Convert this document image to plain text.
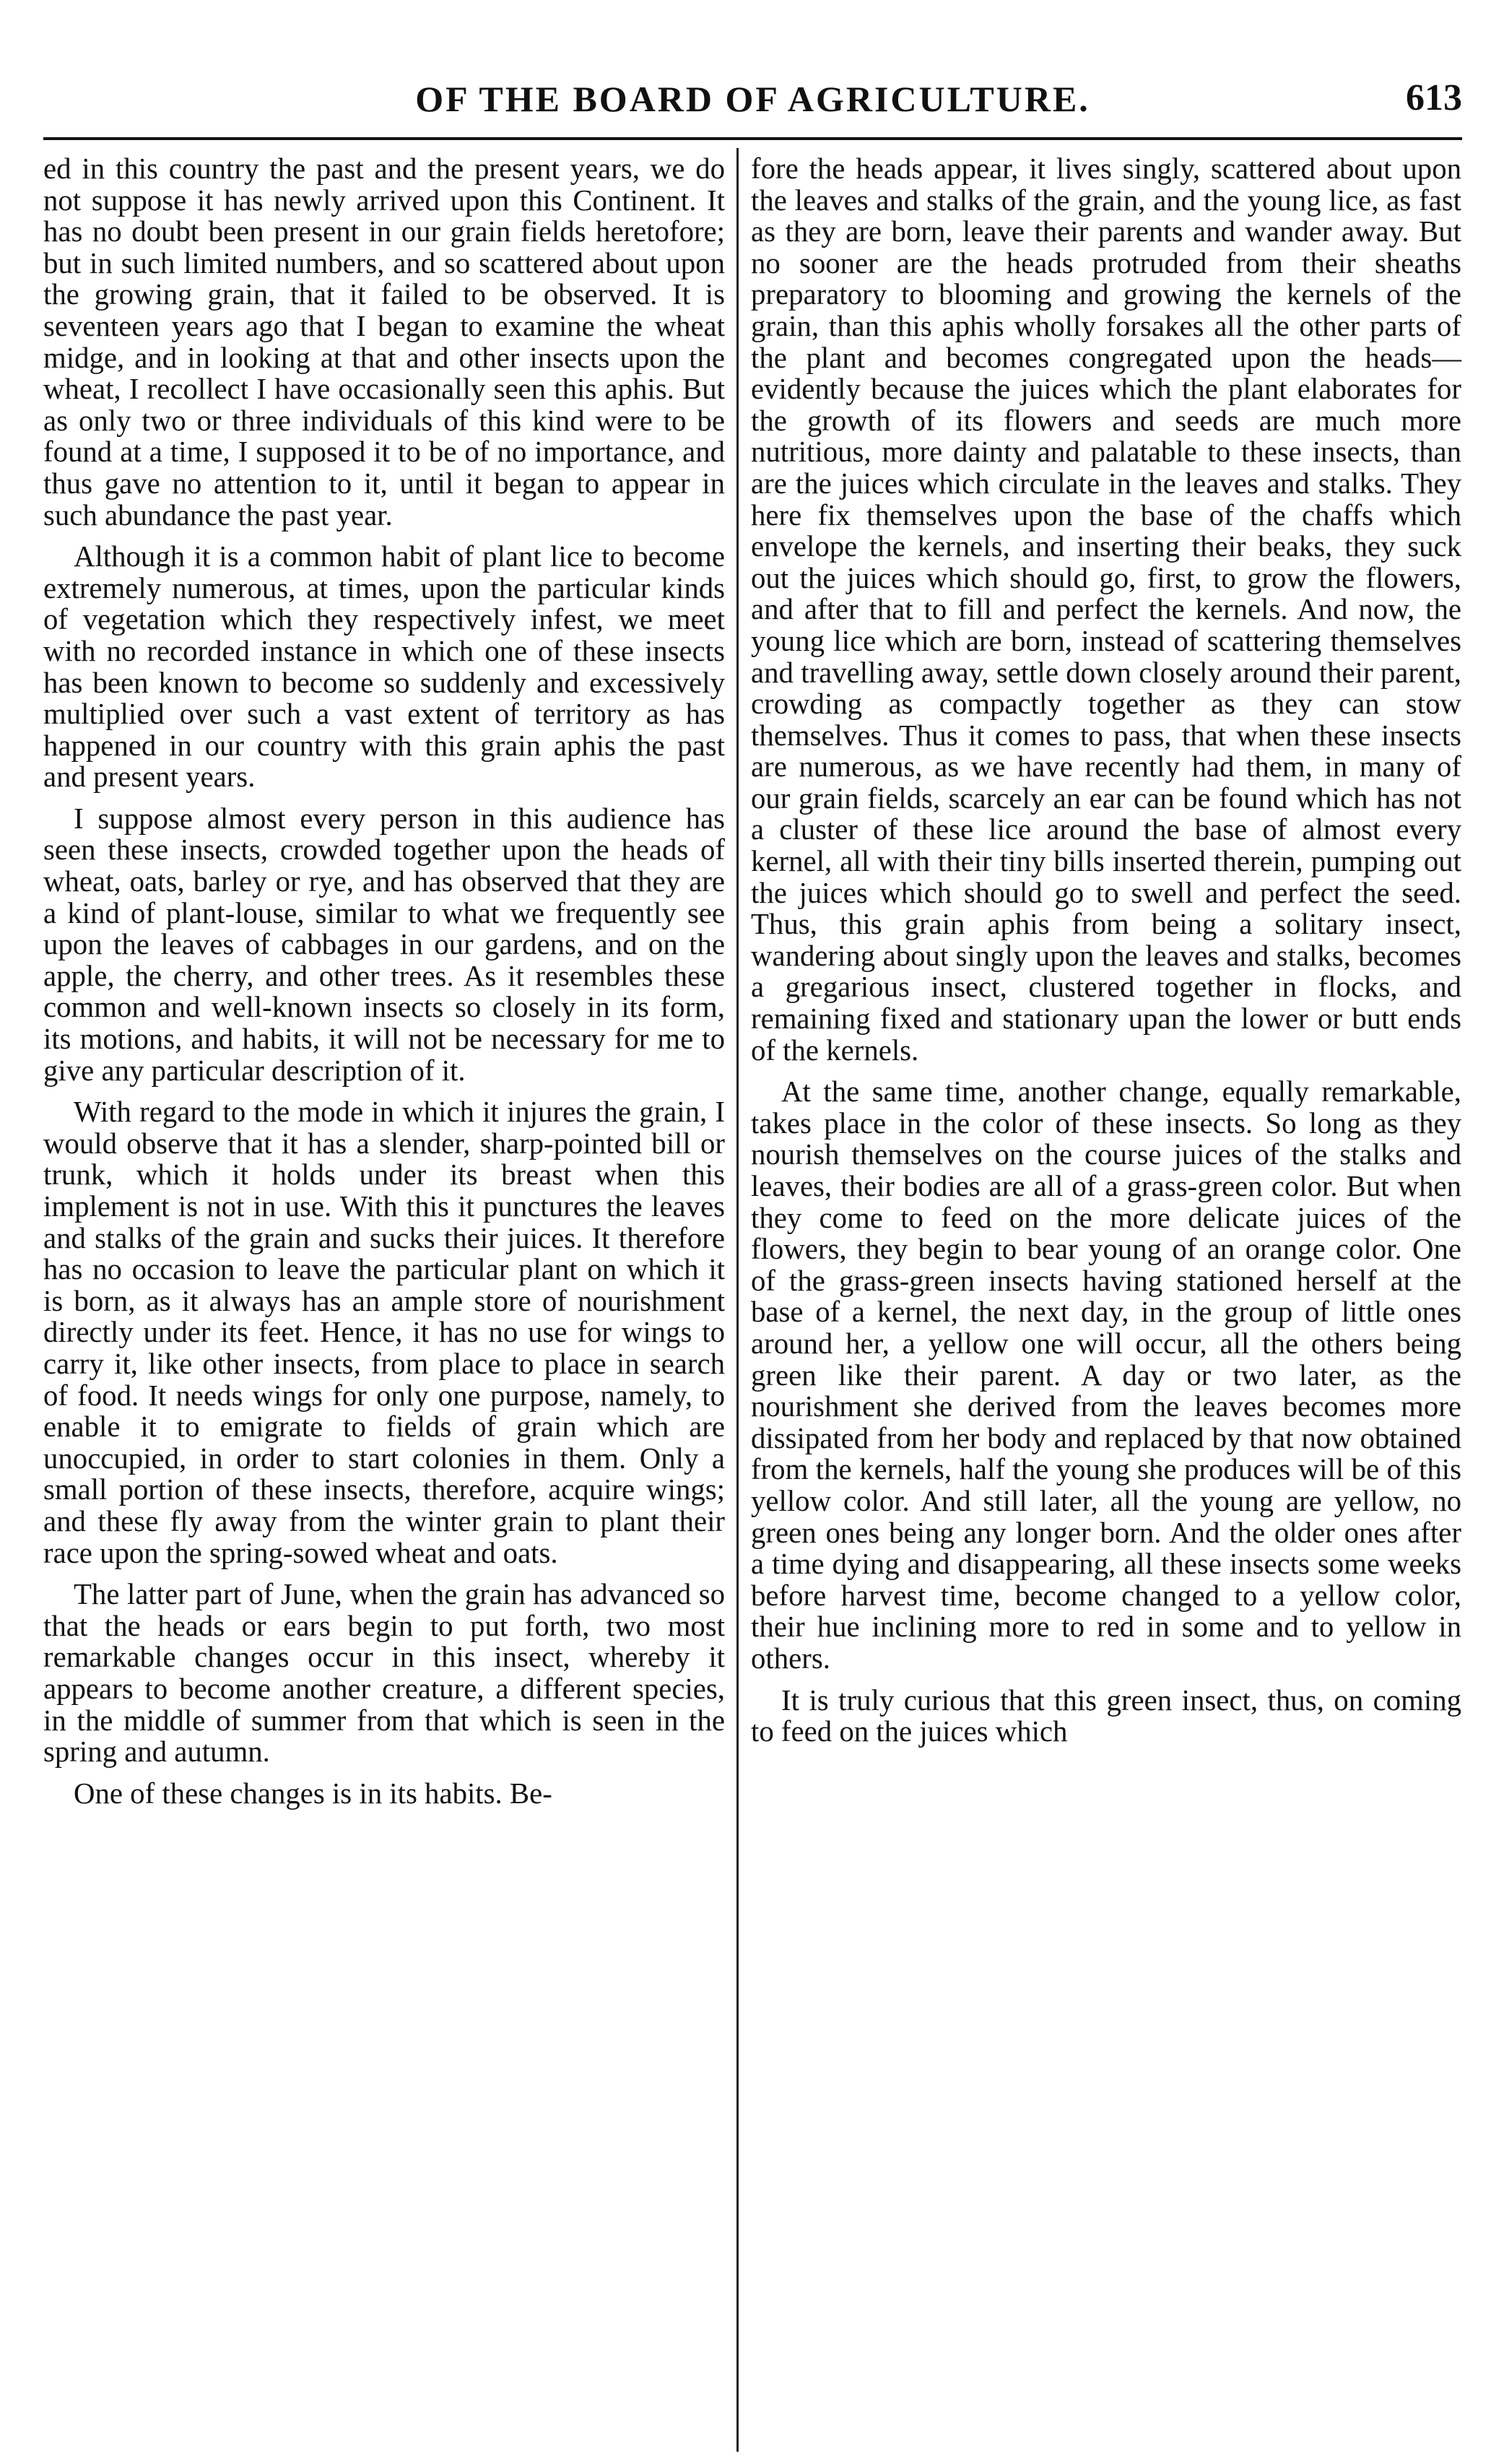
OF THE BOARD OF AGRICULTURE.	613

ed in this country the past and the present years, we do not suppose it has newly arrived upon this Continent. It has no doubt been present in our grain fields heretofore; but in such limited numbers, and so scattered about upon the growing grain, that it failed to be observed. It is seventeen years ago that I began to examine the wheat midge, and in looking at that and other insects upon the wheat, I recollect I have occasionally seen this aphis. But as only two or three individuals of this kind were to be found at a time, I supposed it to be of no importance, and thus gave no attention to it, until it began to appear in such abundance the past year.

Although it is a common habit of plant lice to become extremely numerous, at times, upon the particular kinds of vegetation which they respectively infest, we meet with no recorded instance in which one of these insects has been known to become so suddenly and excessively multiplied over such a vast extent of territory as has happened in our country with this grain aphis the past and present years.

I suppose almost every person in this audience has seen these insects, crowded together upon the heads of wheat, oats, barley or rye, and has observed that they are a kind of plant-louse, similar to what we frequently see upon the leaves of cabbages in our gardens, and on the apple, the cherry, and other trees. As it resembles these common and well-known insects so closely in its form, its motions, and habits, it will not be necessary for me to give any particular description of it.

With regard to the mode in which it injures the grain, I would observe that it has a slender, sharp-pointed bill or trunk, which it holds under its breast when this implement is not in use. With this it punctures the leaves and stalks of the grain and sucks their juices. It therefore has no occasion to leave the particular plant on which it is born, as it always has an ample store of nourishment directly under its feet. Hence, it has no use for wings to carry it, like other insects, from place to place in search of food. It needs wings for only one purpose, namely, to enable it to emigrate to fields of grain which are unoccupied, in order to start colonies in them. Only a small portion of these insects, therefore, acquire wings; and these fly away from the winter grain to plant their race upon the spring-sowed wheat and oats.

The latter part of June, when the grain has advanced so that the heads or ears begin to put forth, two most remarkable changes occur in this insect, whereby it appears to become another creature, a different species, in the middle of summer from that which is seen in the spring and autumn.

One of these changes is in its habits. Be-

fore the heads appear, it lives singly, scattered about upon the leaves and stalks of the grain, and the young lice, as fast as they are born, leave their parents and wander away. But no sooner are the heads protruded from their sheaths preparatory to blooming and growing the kernels of the grain, than this aphis wholly forsakes all the other parts of the plant and becomes congregated upon the heads—evidently because the juices which the plant elaborates for the growth of its flowers and seeds are much more nutritious, more dainty and palatable to these insects, than are the juices which circulate in the leaves and stalks. They here fix themselves upon the base of the chaffs which envelope the kernels, and inserting their beaks, they suck out the juices which should go, first, to grow the flowers, and after that to fill and perfect the kernels. And now, the young lice which are born, instead of scattering themselves and travelling away, settle down closely around their parent, crowding as compactly together as they can stow themselves. Thus it comes to pass, that when these insects are numerous, as we have recently had them, in many of our grain fields, scarcely an ear can be found which has not a cluster of these lice around the base of almost every kernel, all with their tiny bills inserted therein, pumping out the juices which should go to swell and perfect the seed. Thus, this grain aphis from being a solitary insect, wandering about singly upon the leaves and stalks, becomes a gregarious insect, clustered together in flocks, and remaining fixed and stationary upan the lower or butt ends of the kernels.

At the same time, another change, equally remarkable, takes place in the color of these insects. So long as they nourish themselves on the course juices of the stalks and leaves, their bodies are all of a grass-green color. But when they come to feed on the more delicate juices of the flowers, they begin to bear young of an orange color. One of the grass-green insects having stationed herself at the base of a kernel, the next day, in the group of little ones around her, a yellow one will occur, all the others being green like their parent. A day or two later, as the nourishment she derived from the leaves becomes more dissipated from her body and replaced by that now obtained from the kernels, half the young she produces will be of this yellow color. And still later, all the young are yellow, no green ones being any longer born. And the older ones after a time dying and disappearing, all these insects some weeks before harvest time, become changed to a yellow color, their hue inclining more to red in some and to yellow in others.

It is truly curious that this green insect, thus, on coming to feed on the juices which
